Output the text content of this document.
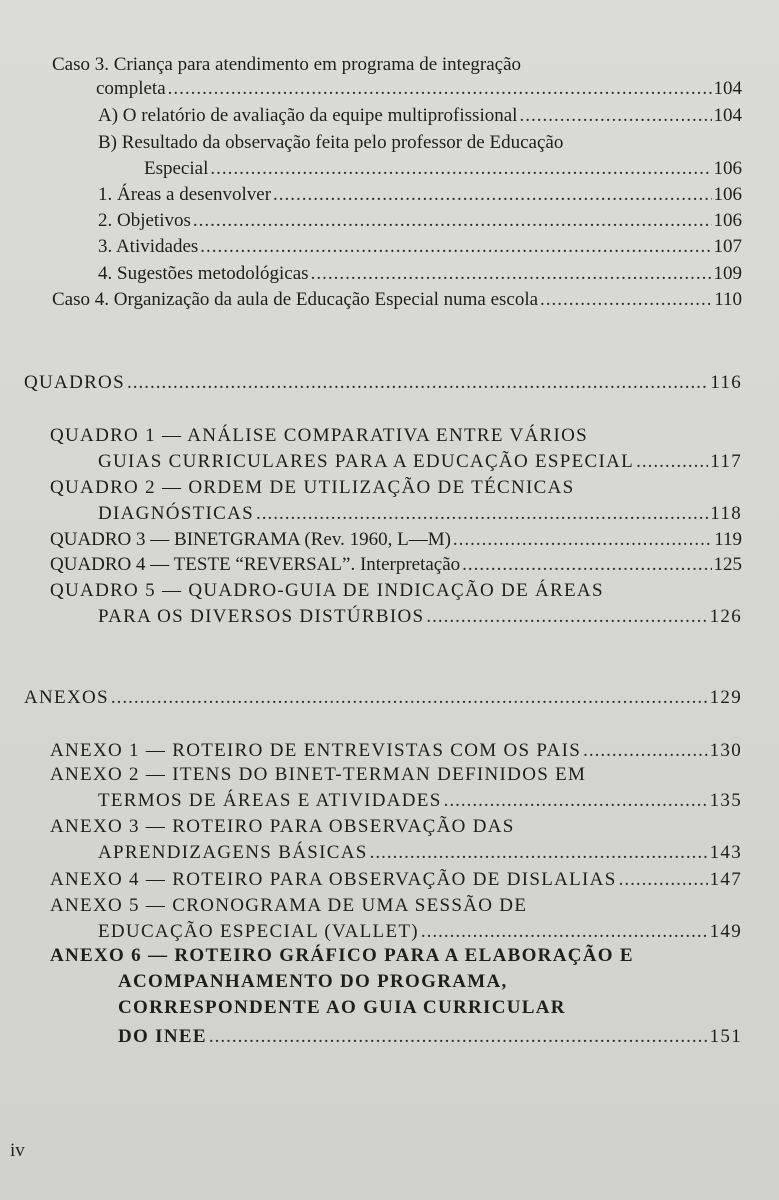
Caso 3. Criança para atendimento em programa de integração
completa .....	104
A) O relatório de avaliação da equipe multiprofissional .....	104
B) Resultado da observação feita pelo professor de Educação
Especial .....	106
1. Áreas a desenvolver .....	106
2. Objetivos .....	106
3. Atividades .....	107
4. Sugestões metodológicas .....	109
Caso 4. Organização da aula de Educação Especial numa escola .....	110
QUADROS .....	116
QUADRO 1 — ANÁLISE COMPARATIVA ENTRE VÁRIOS
GUIAS CURRICULARES PARA A EDUCAÇÃO ESPECIAL .....	117
QUADRO 2 — ORDEM DE UTILIZAÇÃO DE TÉCNICAS
DIAGNÓSTICAS .....	118
QUADRO 3 — BINETGRAMA (Rev. 1960, L—M) .....	119
QUADRO 4 — TESTE “REVERSAL”. Interpretação .....	125
QUADRO 5 — QUADRO-GUIA DE INDICAÇÃO DE ÁREAS
PARA OS DIVERSOS DISTÚRBIOS .....	126
ANEXOS .....	129
ANEXO 1 — ROTEIRO DE ENTREVISTAS COM OS PAIS .....	130
ANEXO 2 — ITENS DO BINET-TERMAN DEFINIDOS EM
TERMOS DE ÁREAS E ATIVIDADES .....	135
ANEXO 3 — ROTEIRO PARA OBSERVAÇÃO DAS
APRENDIZAGENS BÁSICAS .....	143
ANEXO 4 — ROTEIRO PARA OBSERVAÇÃO DE DISLALIAS .....	147
ANEXO 5 — CRONOGRAMA DE UMA SESSÃO DE
EDUCAÇÃO ESPECIAL (VALLET) .....	149
ANEXO 6 — ROTEIRO GRÁFICO PARA A ELABORAÇÃO E
ACOMPANHAMENTO DO PROGRAMA,
CORRESPONDENTE AO GUIA CURRICULAR
DO INEE .....	151
iv
